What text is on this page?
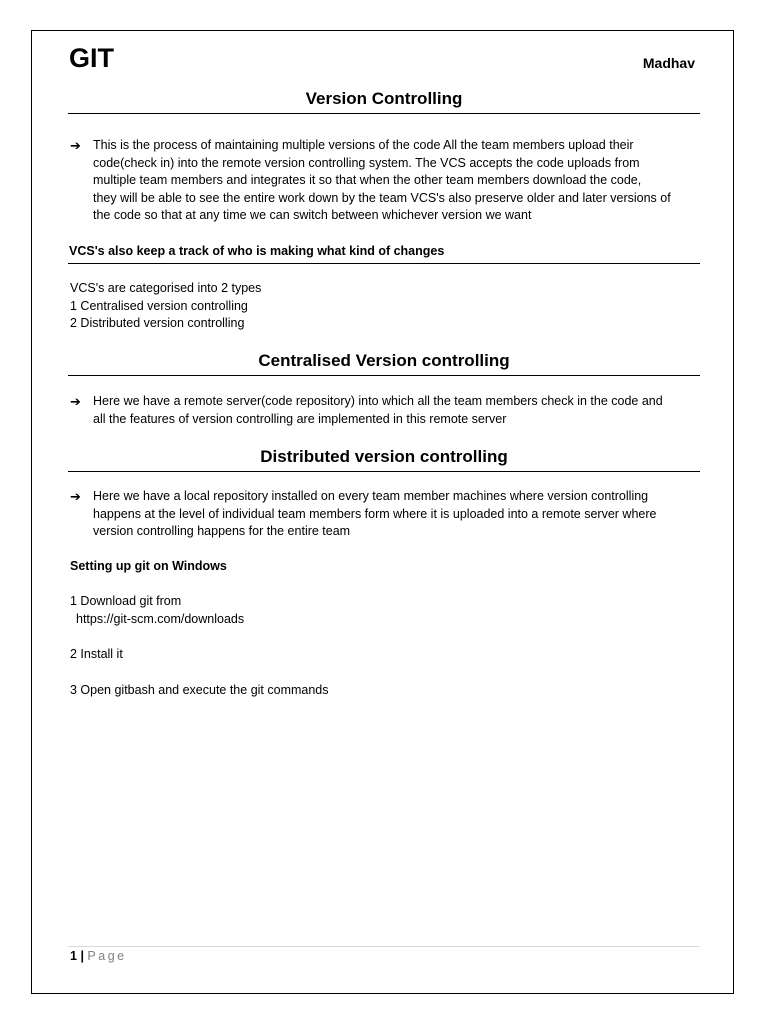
GIT	Madhav
Version Controlling
➔ This is the process of maintaining multiple versions of the code All the team members upload their
code(check in) into the remote version controlling system. The VCS accepts the code uploads from
multiple team members and integrates it so that when the other team members download the code,
they will be able to see the entire work down by the team VCS's also preserve older and later versions of
the code so that at any time we can switch between whichever version we want
VCS's also keep a track of who is making what kind of changes
VCS's are categorised into 2 types
1 Centralised version controlling
2 Distributed version controlling
Centralised Version controlling
➔ Here we have a remote server(code repository) into which all the team members check in the code and
all the features of version controlling are implemented in this remote server
Distributed version controlling
➔ Here we have a local repository installed on every team member machines where version controlling
happens at the level of individual team members form where it is uploaded into a remote server where
version controlling happens for the entire team
Setting up git on Windows
1 Download git from
https://git-scm.com/downloads
2 Install it
3 Open gitbash and execute the git commands
1 | Page
